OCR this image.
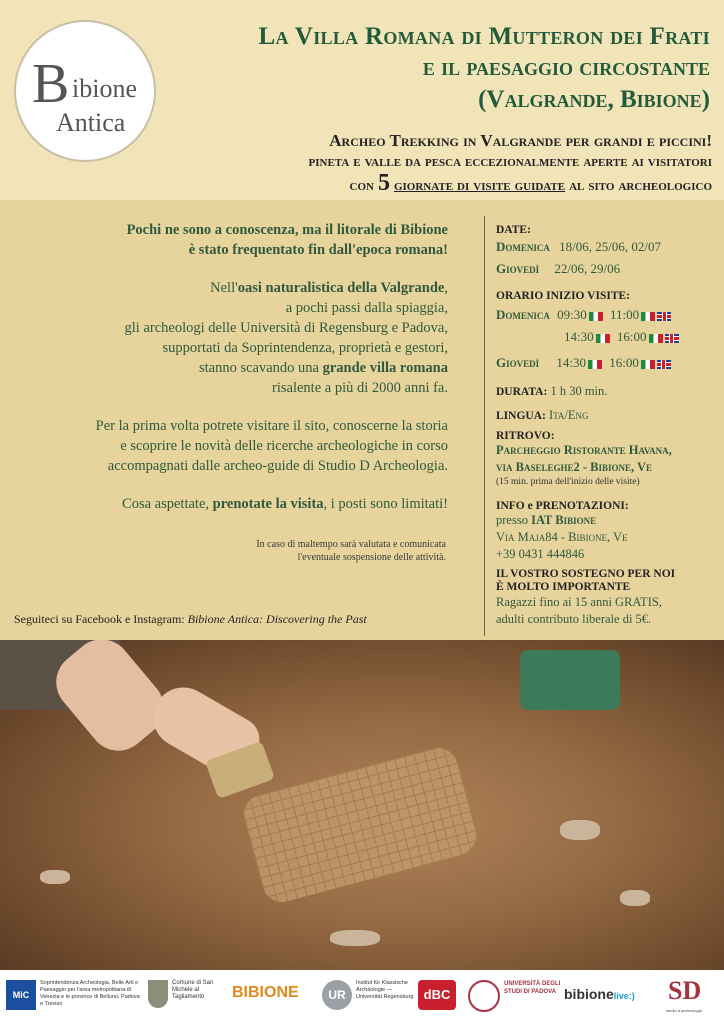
B ibione
Antica
La Villa Romana di Mutteron dei Frati
e il paesaggio circostante
(Valgrande, Bibione)
Archeo Trekking in Valgrande per grandi e piccini!
pineta e valle da pesca eccezionalmente aperte ai visitatori
con 5 giornate di visite guidate al sito archeologico

Pochi ne sono a conoscenza, ma il litorale di Bibione
è stato frequentato fin dall'epoca romana!

Nell'oasi naturalistica della Valgrande,
a pochi passi dalla spiaggia,
gli archeologi delle Università di Regensburg e Padova,
supportati da Soprintendenza, proprietà e gestori,
stanno scavando una grande villa romana
risalente a più di 2000 anni fa.

Per la prima volta potrete visitare il sito, conoscerne la storia
e scoprire le novità delle ricerche archeologiche in corso
accompagnati dalle archeo-guide di Studio D Archeologia.

Cosa aspettate, prenotate la visita, i posti sono limitati!

In caso di maltempo sarà valutata e comunicata
l'eventuale sospensione delle attività.
Seguiteci su Facebook e Instagram: Bibione Antica: Discovering the Past
DATE:
Domenica 18/06, 25/06, 02/07
Giovedì 22/06, 29/06
ORARIO INIZIO VISITE:
Domenica 09:30 11:00
14:30 16:00
Giovedì 14:30 16:00
DURATA: 1 h 30 min.
LINGUA: Ita/Eng
RITROVO:
Parcheggio Ristorante Havana,
via Baseleghe2 - Bibione, Ve
(15 min. prima dell'inizio delle visite)
INFO e PRENOTAZIONI:
presso IAT Bibione
Via Maja84 - Bibione, Ve
+39 0431 444846
IL VOSTRO SOSTEGNO PER NOI
È MOLTO IMPORTANTE
Ragazzi fino ai 15 anni GRATIS,
adulti contributo liberale di 5€.
MiC
Soprintendenza Archeologia, Belle Arti e Paesaggio per l'area metropolitana di Venezia e le province di Belluno, Padova e Treviso
Comune di San Michele al Tagliamento	BIBIONE	UR
Institut für Klassische Archäologie — Universität Regensburg dBC
UNIVERSITÀ DEGLI STUDI DI PADOVA bibionelive:) SD
studio d archeologia
